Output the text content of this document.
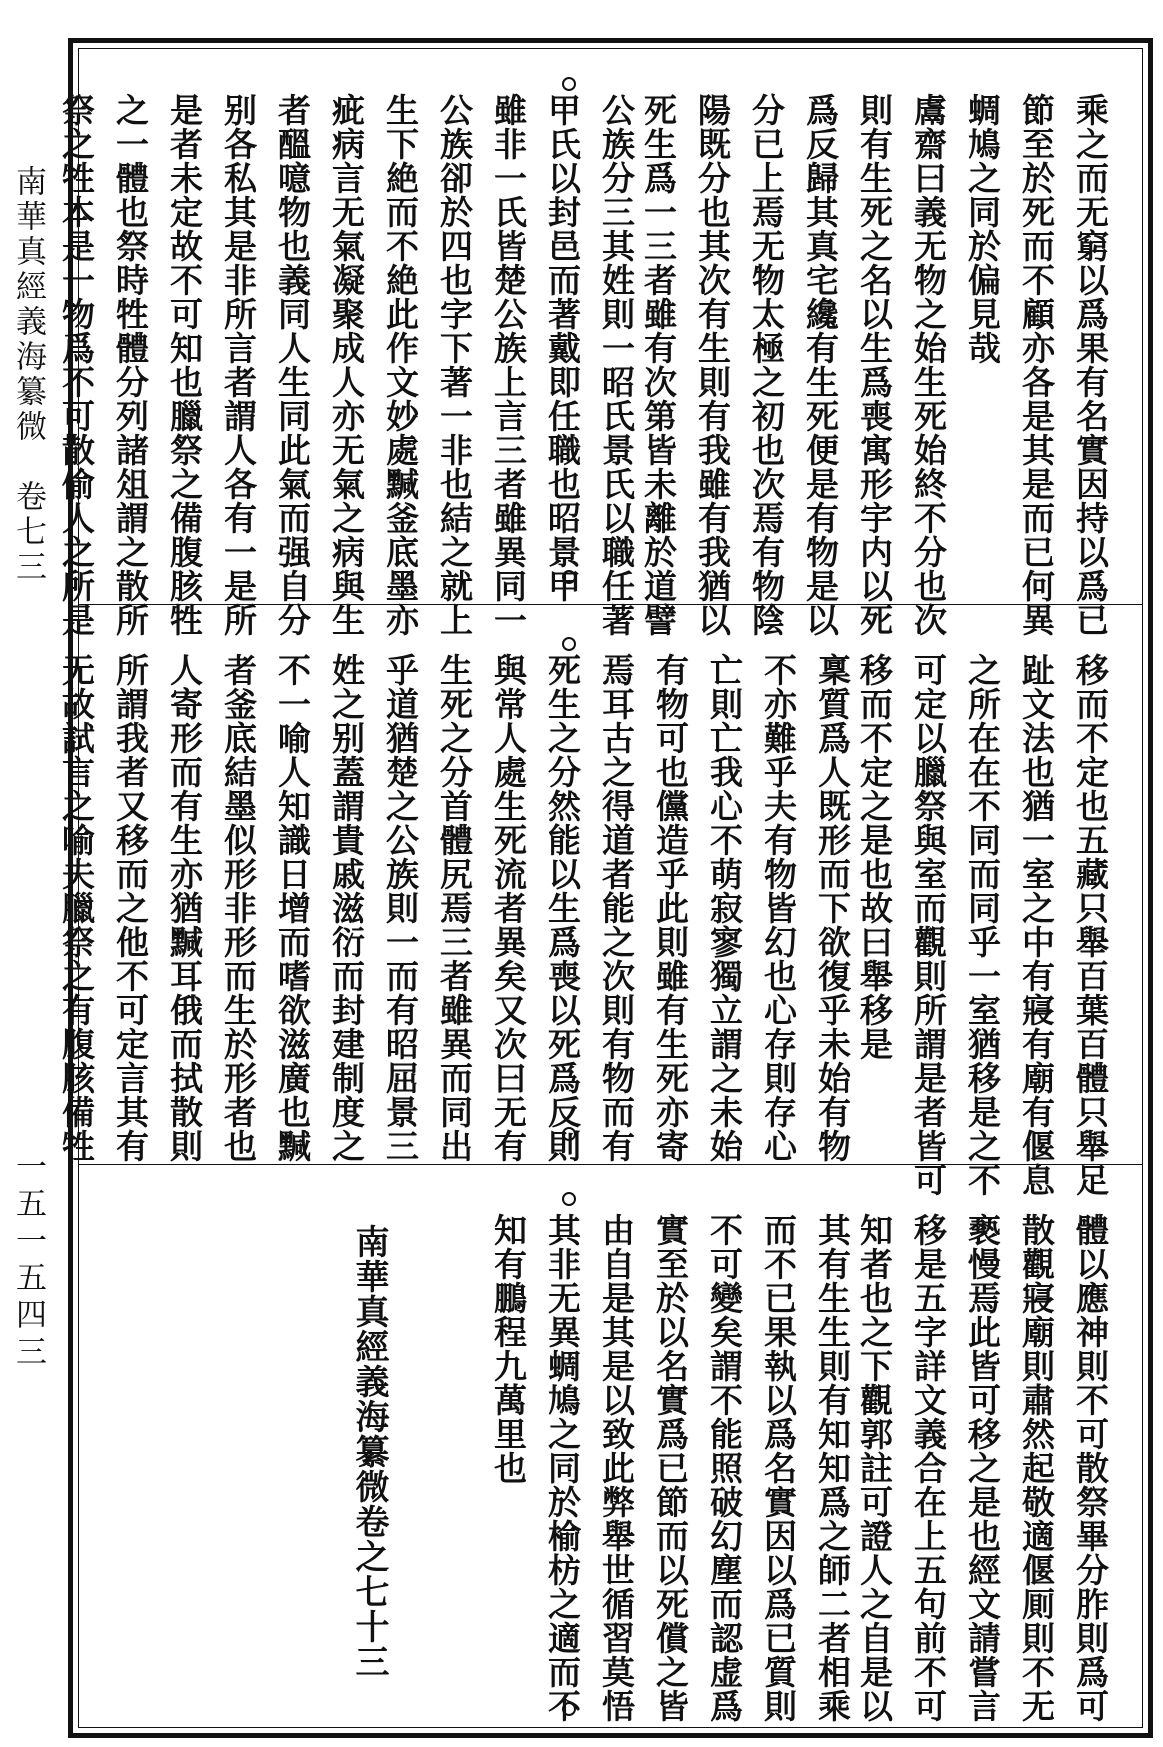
南華真經義海纂微　卷七三
一五一五四三
乘之而无窮以爲果有名實因持以爲已
節至於死而不顧亦各是其是而已何異
蜩鳩之同於偏見哉
鬳齋曰義无物之始生死始終不分也次
則有生死之名以生爲喪寓形宇内以死
爲反歸其真宅纔有生死便是有物是以
分已上焉无物太極之初也次焉有物陰
陽既分也其次有生則有我雖有我猶以
死生爲一三者雖有次第皆未離於道譬
公族分三其姓則一昭氏景氏以職任著
甲氏以封邑而著戴即任職也昭景甲
雖非一氏皆楚公族上言三者雖異同一
公族卻於四也字下著一非也結之就上
生下絶而不絶此作文妙處黬釜底墨亦
疵病言无氣凝聚成人亦无氣之病與生
者醞噫物也義同人生同此氣而强自分
别各私其是非所言者謂人各有一是所
是者未定故不可知也臘祭之備腹胲牲
之一體也祭時牲體分列諸俎謂之散所
祭之牲本是一物爲不可散偷人之所是
移而不定也五藏只舉百葉百體只舉足
趾文法也猶一室之中有寢有廟有偃息
之所在在不同而同乎一室猶移是之不
可定以臘祭與室而觀則所謂是者皆可
移而不定之是也故曰舉移是
稟質爲人既形而下欲復乎未始有物
不亦難乎夫有物皆幻也心存則存心
亡則亡我心不萌寂寥獨立謂之未始
有物可也儻造乎此則雖有生死亦寄
焉耳古之得道者能之次則有物而有
死生之分然能以生爲喪以死爲反則
與常人處生死流者異矣又次曰无有
生死之分首體尻焉三者雖異而同出
乎道猶楚之公族則一而有昭屈景三
姓之别蓋謂貴戚滋衍而封建制度之
不一喻人知識日增而嗜欲滋廣也黬
者釜底結墨似形非形而生於形者也
人寄形而有生亦猶黬耳俄而拭散則
所謂我者又移而之他不可定言其有
无故試言之喻夫臘祭之有腹胲備牲
體以應神則不可散祭畢分胙則爲可
散觀寢廟則肅然起敬適偃厠則不无
褻慢焉此皆可移之是也經文請嘗言
移是五字詳文義合在上五句前不可
知者也之下觀郭註可證人之自是以
其有生生則有知知爲之師二者相乘
而不已果執以爲名實因以爲已質則
不可變矣謂不能照破幻塵而認虚爲
實至於以名實爲已節而以死償之皆
由自是其是以致此弊舉世循習莫悟
其非无異蜩鳩之同於榆枋之適而不
知有鵬程九萬里也
南華真經義海纂微卷之七十三
